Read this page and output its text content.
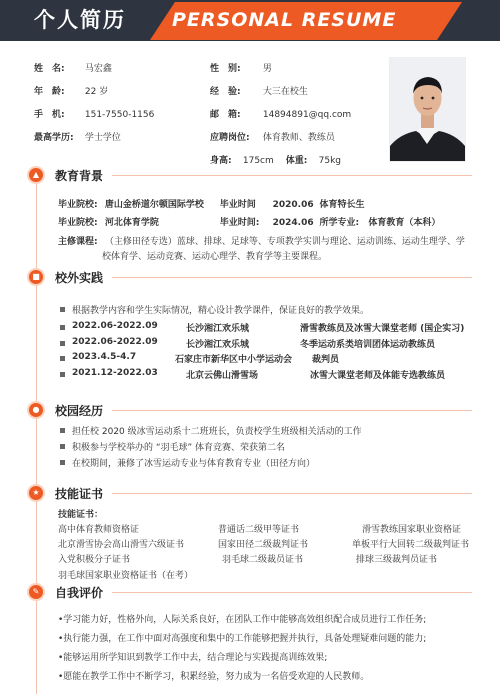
个人简历 PERSONAL RESUME
姓　名: 马宏鑫
年　龄: 22 岁
手　机: 151-7550-1156
最高学历: 学士学位
性　别: 男
经　验: 大三在校生
邮　箱: 14894891@qq.com
应聘岗位: 体育教师、教练员
身高: 175cm 体重: 75kg
▲	教育背景
毕业院校: 唐山金桥道尔顿国际学校 毕业时间 2020.06 体育特长生
毕业院校: 河北体育学院	毕业时间: 2024.06 所学专业: 体育教育（本科）
主修课程: （主修田径专选）蓝球、排球、足球等、专项教学实训与理论、运动训练、运动生理学、学
校体育学、运动竞赛、运动心理学、教育学等主要课程。
■ 校外实践
根据教学内容和学生实际情况，精心设计教学课件，保证良好的教学效果。
2022.06-2022.09	长沙湘江欢乐城	滑雪教练员及冰雪大课堂老师 (国企实习)
2022.06-2022.09	长沙湘江欢乐城	冬季运动系类培训团体运动教练员
2023.4.5-4.7	石家庄市新华区中小学运动会 裁判员
2021.12-2022.03	北京云佛山滑雪场	冰雪大课堂老师及体能专选教练员
● 校园经历
担任校 2020 级冰雪运动系十二班班长，负责校学生班级相关活动的工作
积极参与学校举办的 “羽毛球” 体育竞赛、荣获第二名
在校期间，兼修了冰雪运动专业与体育教育专业（田径方向）
★ 技能证书
技能证书：
高中体育教师资格证	普通话二级甲等证书	滑雪教练国家职业资格证
北京滑雪协会高山滑雪六级证书	国家田径二级裁判证书	单板平行大回转二级裁判证书
入党积极分子证书	羽毛球二级裁员证书	排球三级裁判员证书
羽毛球国家职业资格证书（在考）
✎	自我评价
•学习能力好，性格外向，人际关系良好，在团队工作中能够高效组织配合成员进行工作任务;
•执行能力强，在工作中面对高强度和集中的工作能够把握并执行，具备处理疑难问题的能力;
•能够运用所学知识到教学工作中去，结合理论与实践提高训练效果;
•愿能在教学工作中不断学习，积累经验，努力成为一名倍受欢迎的人民教师。
